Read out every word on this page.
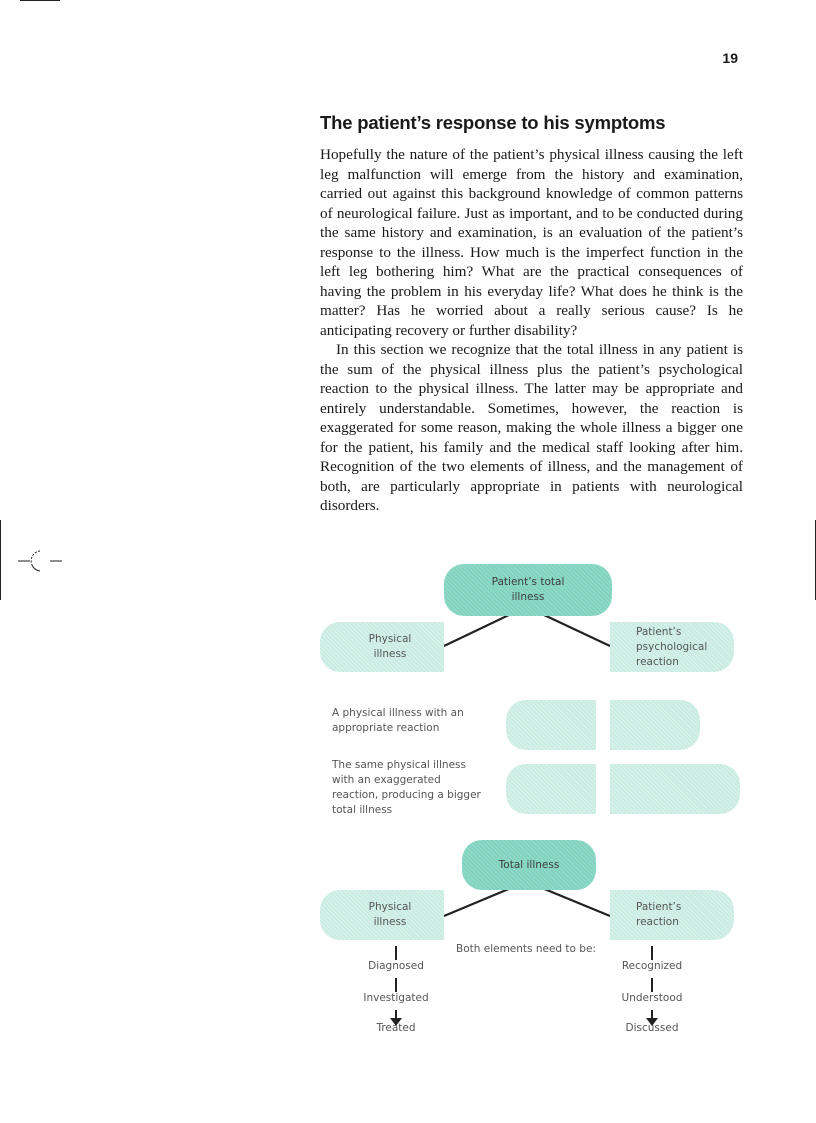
19
The patient’s response to his symptoms

Hopefully the nature of the patient’s physical illness causing the left leg malfunction will emerge from the history and examination, carried out against this background knowledge of common patterns of neurological failure. Just as important, and to be conducted during the same history and examination, is an evaluation of the patient’s response to the illness. How much is the imperfect function in the left leg bothering him? What are the practical consequences of having the problem in his everyday life? What does he think is the matter? Has he worried about a really serious cause? Is he anticipating recovery or further disability?

In this section we recognize that the total illness in any patient is the sum of the physical illness plus the patient’s psychological reaction to the physical illness. The latter may be appropriate and entirely understandable. Sometimes, however, the reaction is exaggerated for some reason, making the whole illness a bigger one for the patient, his family and the medical staff looking after him. Recognition of the two elements of illness, and the management of both, are particularly appropriate in patients with neurological disorders.

Patient’s total illness
Physical illness
Patient’s psychological reaction
A physical illness with an appropriate reaction
The same physical illness with an exaggerated reaction, producing a bigger total illness
Total illness
Physical illness
Patient’s reaction
Both elements need to be:
Diagnosed
Investigated
Treated
Recognized
Understood
Discussed
